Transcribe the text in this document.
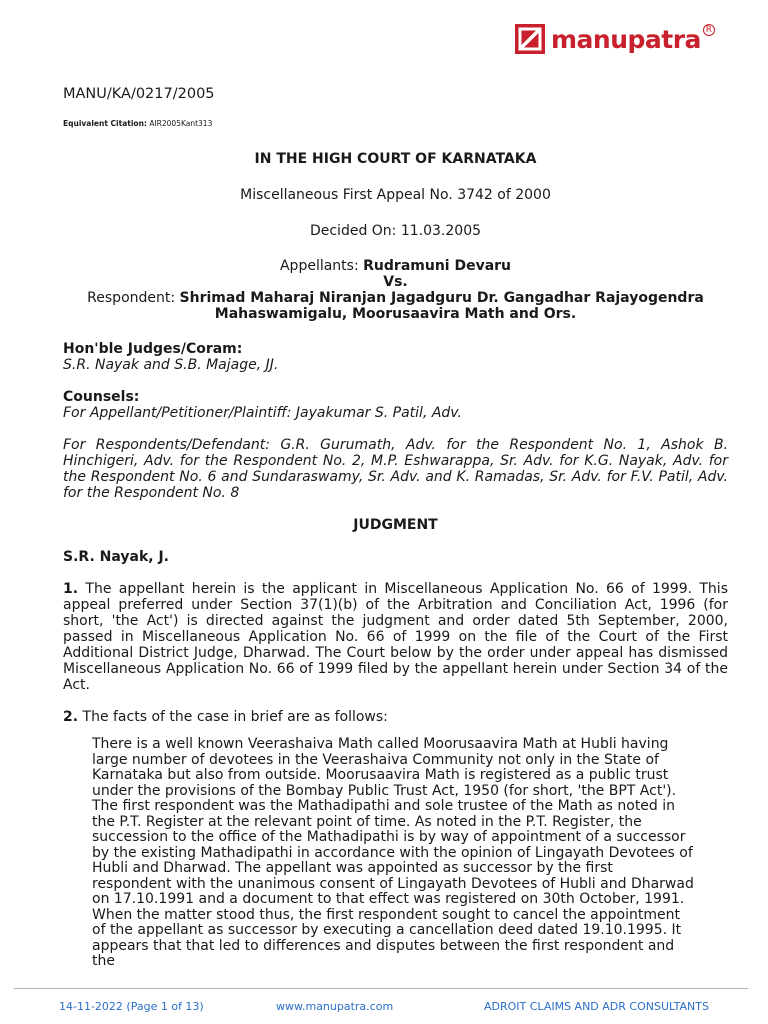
manupatra R
MANU/KA/0217/2005
Equivalent Citation: AIR2005Kant313
IN THE HIGH COURT OF KARNATAKA
Miscellaneous First Appeal No. 3742 of 2000
Decided On: 11.03.2005
Appellants: Rudramuni Devaru
Vs.
Respondent: Shrimad Maharaj Niranjan Jagadguru Dr. Gangadhar Rajayogendra
Mahaswamigalu, Moorusaavira Math and Ors.
Hon'ble Judges/Coram:
S.R. Nayak and S.B. Majage, JJ.
Counsels:
For Appellant/Petitioner/Plaintiff: Jayakumar S. Patil, Adv.
For Respondents/Defendant: G.R. Gurumath, Adv. for the Respondent No. 1, Ashok B. Hinchigeri, Adv. for the Respondent No. 2, M.P. Eshwarappa, Sr. Adv. for K.G. Nayak, Adv. for the Respondent No. 6 and Sundaraswamy, Sr. Adv. and K. Ramadas, Sr. Adv. for F.V. Patil, Adv. for the Respondent No. 8
JUDGMENT
S.R. Nayak, J.
1. The appellant herein is the applicant in Miscellaneous Application No. 66 of 1999. This appeal preferred under Section 37(1)(b) of the Arbitration and Conciliation Act, 1996 (for short, 'the Act') is directed against the judgment and order dated 5th September, 2000, passed in Miscellaneous Application No. 66 of 1999 on the file of the Court of the First Additional District Judge, Dharwad. The Court below by the order under appeal has dismissed Miscellaneous Application No. 66 of 1999 filed by the appellant herein under Section 34 of the Act.
2. The facts of the case in brief are as follows:
There is a well known Veerashaiva Math called Moorusaavira Math at Hubli having large number of devotees in the Veerashaiva Community not only in the State of Karnataka but also from outside. Moorusaavira Math is registered as a public trust under the provisions of the Bombay Public Trust Act, 1950 (for short, 'the BPT Act'). The first respondent was the Mathadipathi and sole trustee of the Math as noted in the P.T. Register at the relevant point of time. As noted in the P.T. Register, the succession to the office of the Mathadipathi is by way of appointment of a successor by the existing Mathadipathi in accordance with the opinion of Lingayath Devotees of Hubli and Dharwad. The appellant was appointed as successor by the first respondent with the unanimous consent of Lingayath Devotees of Hubli and Dharwad on 17.10.1991 and a document to that effect was registered on 30th October, 1991. When the matter stood thus, the first respondent sought to cancel the appointment of the appellant as successor by executing a cancellation deed dated 19.10.1995. It appears that that led to differences and disputes between the first respondent and the
14-11-2022 (Page 1 of 13)	www.manupatra.com	ADROIT CLAIMS AND ADR CONSULTANTS
